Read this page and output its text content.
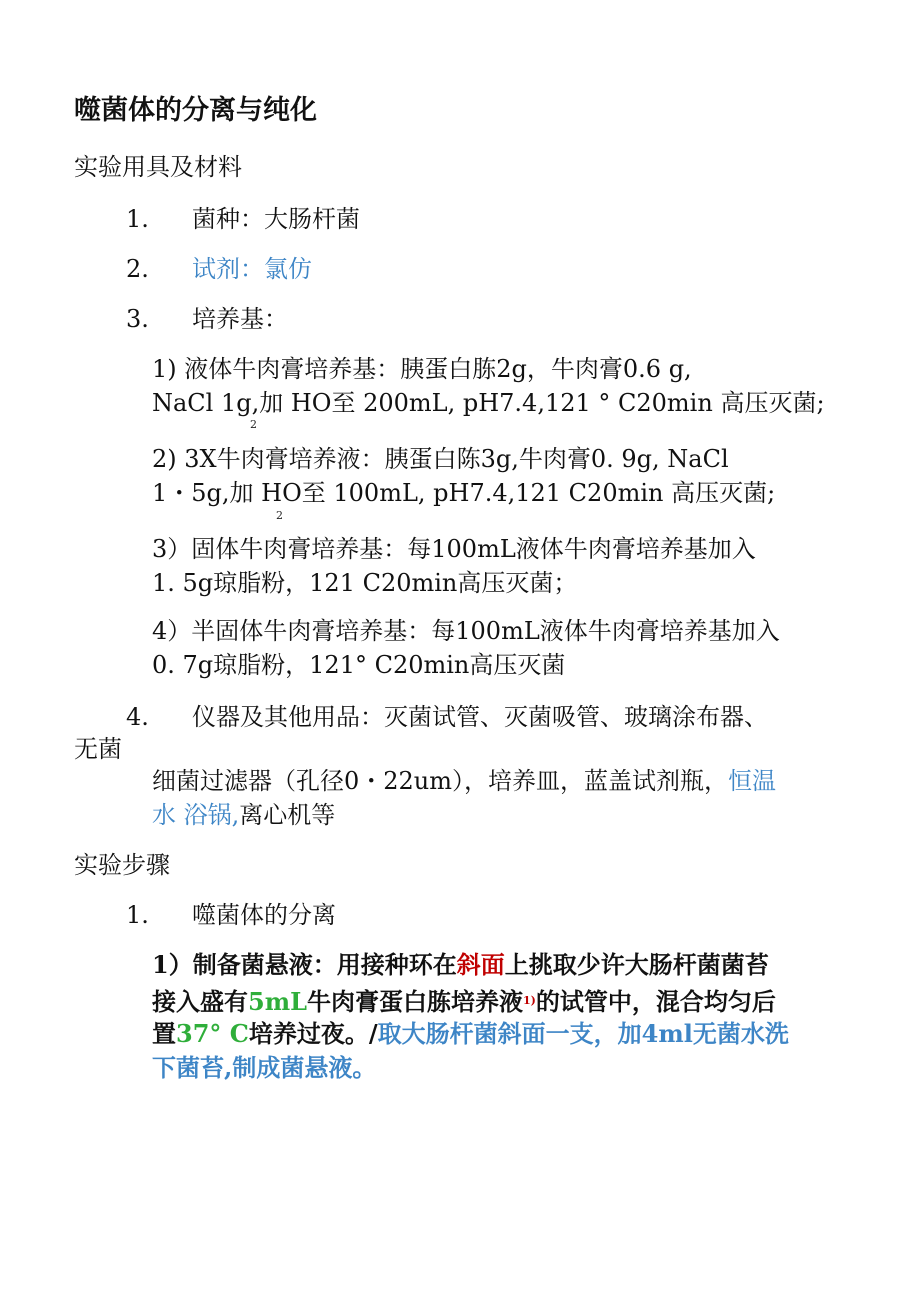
噬菌体的分离与纯化
实验用具及材料
1. 菌种：大肠杆菌
2. 试剂：氯仿
3. 培养基：
1) 液体牛肉膏培养基：胰蛋白胨2g，牛肉膏0.6 g,
NaCl 1g,加 HO至 200mL, pH7.4,121 ° C20min 高压灭菌;
2
2) 3X牛肉膏培养液：胰蛋白陈3g,牛肉膏0. 9g, NaCl
1・5g,加 HO至 100mL, pH7.4,121 C20min 高压灭菌;
2
3）固体牛肉膏培养基：每100mL液体牛肉膏培养基加入
1. 5g琼脂粉，121 C20min高压灭菌；
4）半固体牛肉膏培养基：每100mL液体牛肉膏培养基加入
0. 7g琼脂粉，121° C20min高压灭菌
4. 仪器及其他用品：灭菌试管、灭菌吸管、玻璃涂布器、
无菌
细菌过滤器（孔径0・22um），培养皿，蓝盖试剂瓶，恒温
水 浴锅,离心机等
实验步骤
1. 噬菌体的分离
1）制备菌悬液：用接种环在斜面上挑取少许大肠杆菌菌苔
接入盛有5mL牛肉膏蛋白胨培养液$^{1)}$的试管中，混合均匀后
置37° C培养过夜。/取大肠杆菌斜面一支，加4ml无菌水洗
下菌苔,制成菌悬液。
